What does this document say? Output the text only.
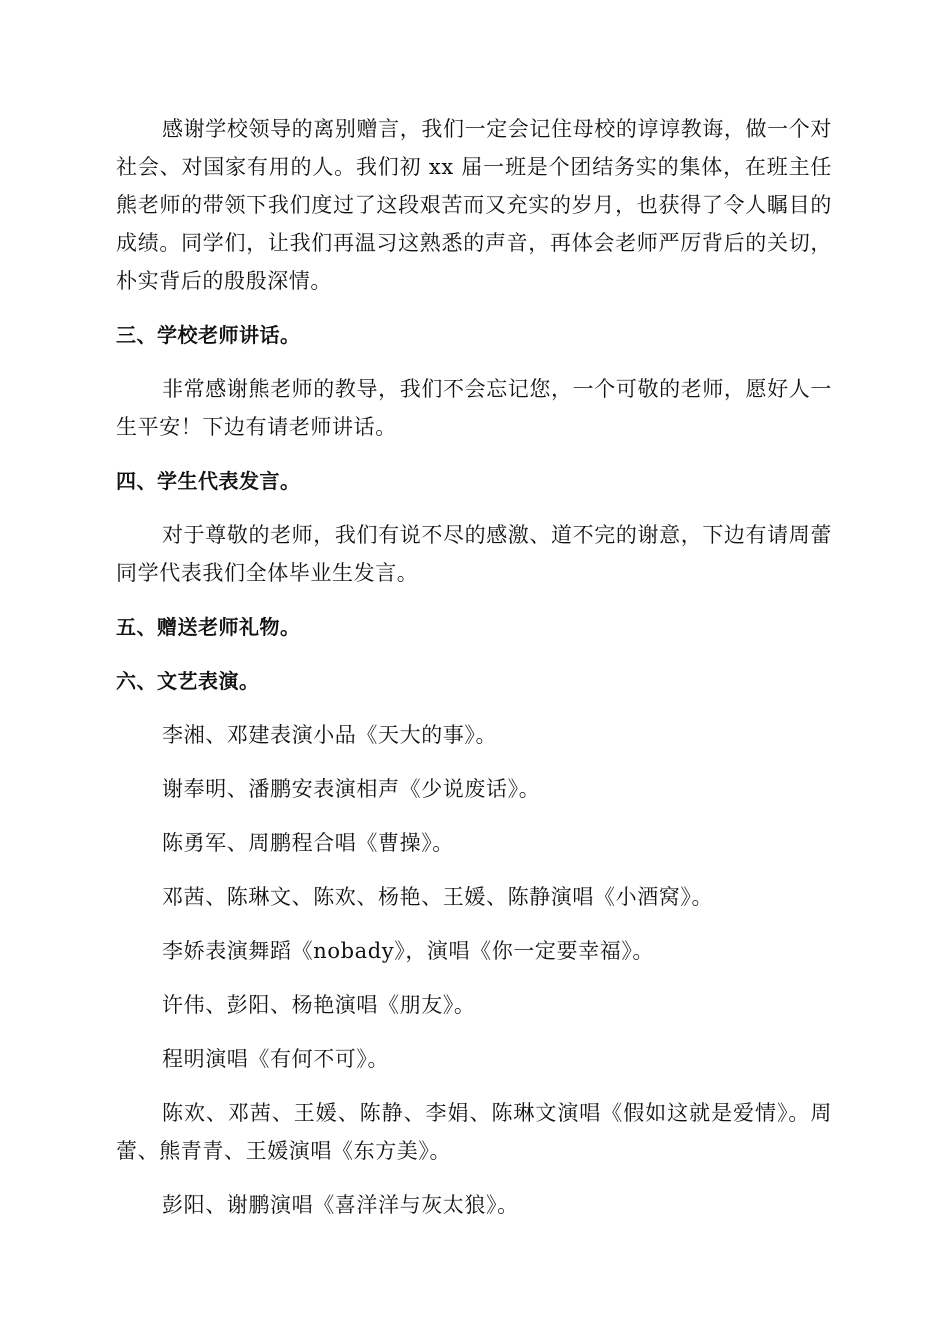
感谢学校领导的离别赠言，我们一定会记住母校的谆谆教诲，做一个对社会、对国家有用的人。我们初 xx 届一班是个团结务实的集体，在班主任熊老师的带领下我们度过了这段艰苦而又充实的岁月，也获得了令人瞩目的成绩。同学们，让我们再温习这熟悉的声音，再体会老师严厉背后的关切，朴实背后的殷殷深情。

三、学校老师讲话。

非常感谢熊老师的教导，我们不会忘记您，一个可敬的老师，愿好人一生平安！下边有请老师讲话。

四、学生代表发言。

对于尊敬的老师，我们有说不尽的感激、道不完的谢意，下边有请周蕾同学代表我们全体毕业生发言。

五、赠送老师礼物。

六、文艺表演。

李湘、邓建表演小品《天大的事》。

谢奉明、潘鹏安表演相声《少说废话》。

陈勇军、周鹏程合唱《曹操》。

邓茜、陈琳文、陈欢、杨艳、王媛、陈静演唱《小酒窝》。

李娇表演舞蹈《nobady》，演唱《你一定要幸福》。

许伟、彭阳、杨艳演唱《朋友》。

程明演唱《有何不可》。

陈欢、邓茜、王媛、陈静、李娟、陈琳文演唱《假如这就是爱情》。周蕾、熊青青、王媛演唱《东方美》。

彭阳、谢鹏演唱《喜洋洋与灰太狼》。
